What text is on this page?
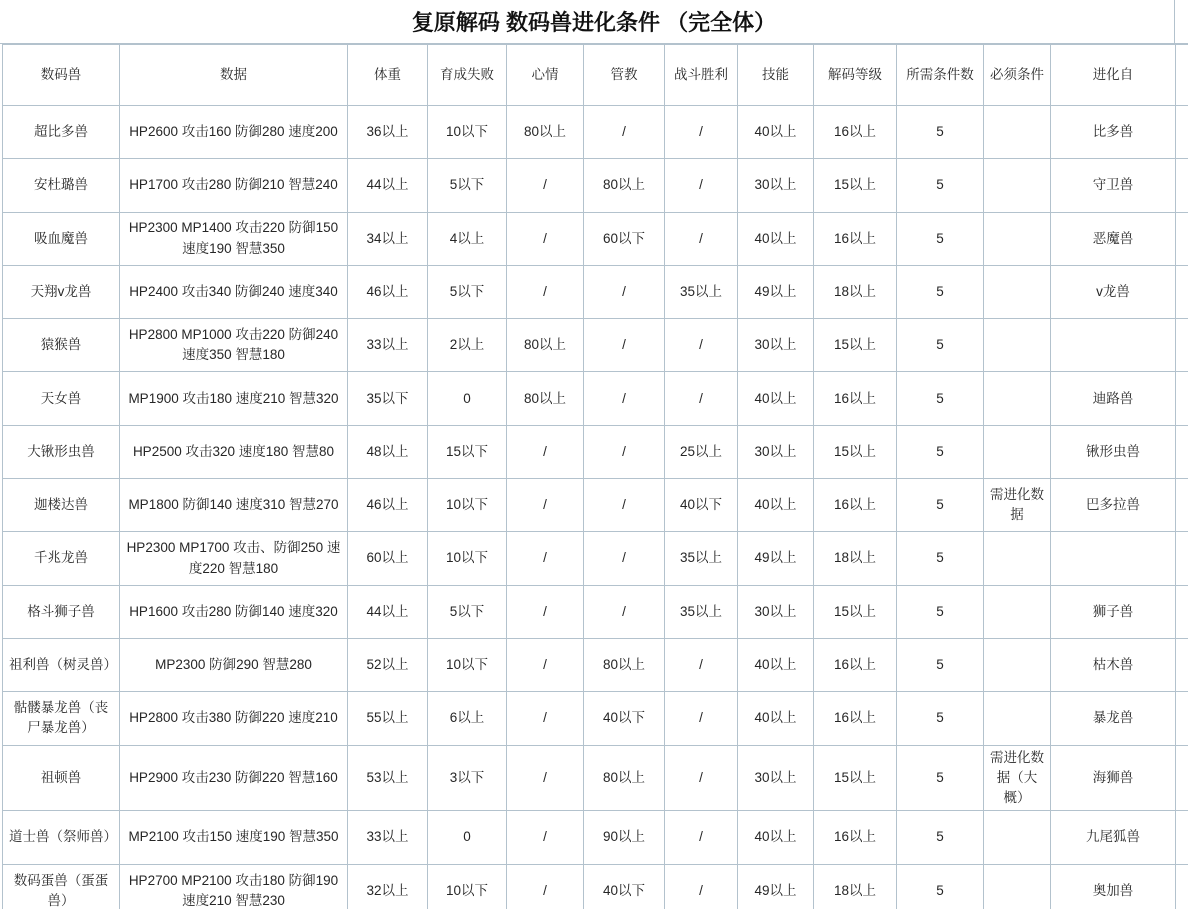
复原解码 数码兽进化条件 （完全体）
数码兽	数据	体重	育成失败	心情	管教	战斗胜利	技能	解码等级	所需条件数	必须条件	进化自	
超比多兽	HP2600 攻击160 防御280 速度200	36以上	10以下	80以上	/	/	40以上	16以上	5		比多兽	
安杜璐兽	HP1700 攻击280 防御210 智慧240	44以上	5以下	/	80以上	/	30以上	15以上	5		守卫兽	
吸血魔兽	HP2300 MP1400 攻击220 防御150 速度190 智慧350	34以上	4以上	/	60以下	/	40以上	16以上	5		恶魔兽	
天翔v龙兽	HP2400 攻击340 防御240 速度340	46以上	5以下	/	/	35以上	49以上	18以上	5		v龙兽	
猿猴兽	HP2800 MP1000 攻击220 防御240 速度350 智慧180	33以上	2以上	80以上	/	/	30以上	15以上	5			
天女兽	MP1900 攻击180 速度210 智慧320	35以下	0	80以上	/	/	40以上	16以上	5		迪路兽	
大锹形虫兽	HP2500 攻击320 速度180 智慧80	48以上	15以下	/	/	25以上	30以上	15以上	5		锹形虫兽	
迦楼达兽	MP1800 防御140 速度310 智慧270	46以上	10以下	/	/	40以下	40以上	16以上	5	需进化数据	巴多拉兽	
千兆龙兽	HP2300 MP1700 攻击、防御250 速度220 智慧180	60以上	10以下	/	/	35以上	49以上	18以上	5			
格斗狮子兽	HP1600 攻击280 防御140 速度320	44以上	5以下	/	/	35以上	30以上	15以上	5		狮子兽	
祖利兽（树灵兽）	MP2300 防御290 智慧280	52以上	10以下	/	80以上	/	40以上	16以上	5		枯木兽	
骷髅暴龙兽（丧尸暴龙兽）	HP2800 攻击380 防御220 速度210	55以上	6以上	/	40以下	/	40以上	16以上	5		暴龙兽	
祖顿兽	HP2900 攻击230 防御220 智慧160	53以上	3以下	/	80以上	/	30以上	15以上	5	需进化数据（大概）	海狮兽	
道士兽（祭师兽）	MP2100 攻击150 速度190 智慧350	33以上	0	/	90以上	/	40以上	16以上	5		九尾狐兽	
数码蛋兽（蛋蛋兽）	HP2700 MP2100 攻击180 防御190 速度210 智慧230	32以上	10以下	/	40以下	/	49以上	18以上	5		奥加兽	
